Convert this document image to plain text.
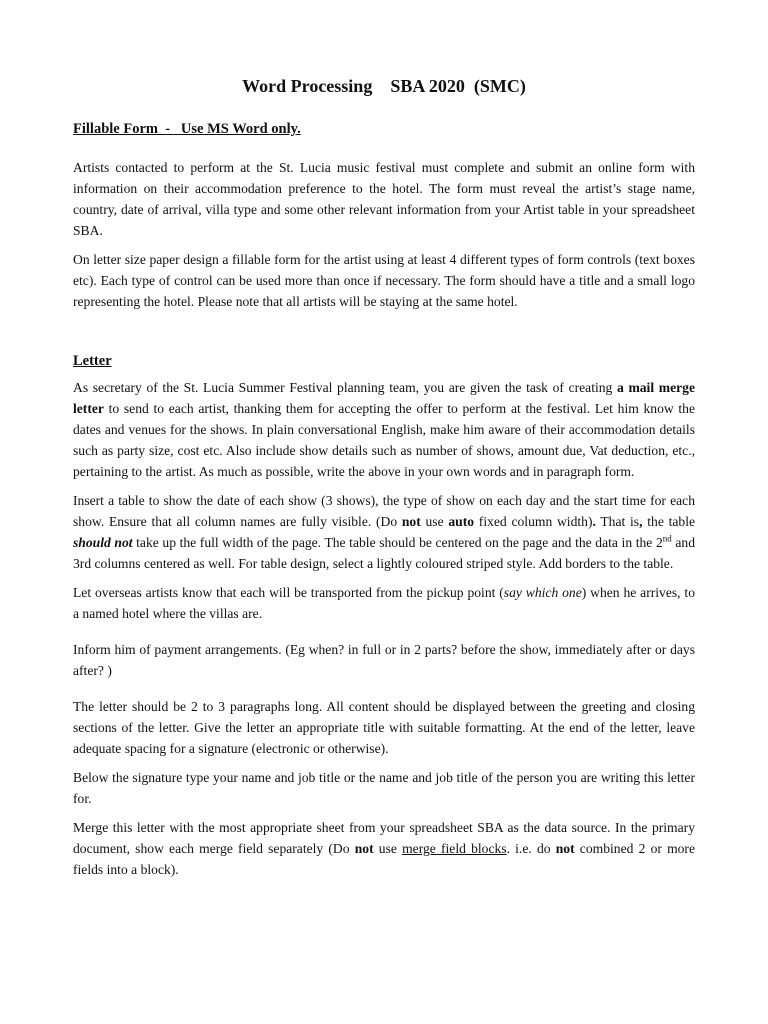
Word Processing    SBA 2020  (SMC)
Fillable Form  -   Use MS Word only.

Artists contacted to perform at the St. Lucia music festival must complete and submit an online form with information on their accommodation preference to the hotel. The form must reveal the artist’s stage name, country, date of arrival, villa type and some other relevant information from your Artist table in your spreadsheet SBA.

On letter size paper design a fillable form for the artist using at least 4 different types of form controls (text boxes etc). Each type of control can be used more than once if necessary. The form should have a title and a small logo representing the hotel. Please note that all artists will be staying at the same hotel.

Letter

As secretary of the St. Lucia Summer Festival planning team, you are given the task of creating a mail merge letter to send to each artist, thanking them for accepting the offer to perform at the festival. Let him know the dates and venues for the shows. In plain conversational English, make him aware of their accommodation details such as party size, cost etc. Also include show details such as number of shows, amount due, Vat deduction, etc., pertaining to the artist. As much as possible, write the above in your own words and in paragraph form.

Insert a table to show the date of each show (3 shows), the type of show on each day and the start time for each show. Ensure that all column names are fully visible. (Do not use auto fixed column width). That is, the table should not take up the full width of the page. The table should be centered on the page and the data in the 2nd and 3rd columns centered as well. For table design, select a lightly coloured striped style. Add borders to the table.

Let overseas artists know that each will be transported from the pickup point (say which one) when he arrives, to a named hotel where the villas are.

Inform him of payment arrangements. (Eg when? in full or in 2 parts? before the show, immediately after or days after? )

The letter should be 2 to 3 paragraphs long. All content should be displayed between the greeting and closing sections of the letter. Give the letter an appropriate title with suitable formatting. At the end of the letter, leave adequate spacing for a signature (electronic or otherwise).

Below the signature type your name and job title or the name and job title of the person you are writing this letter for.

Merge this letter with the most appropriate sheet from your spreadsheet SBA as the data source. In the primary document, show each merge field separately (Do not use merge field blocks. i.e. do not combined 2 or more fields into a block).
